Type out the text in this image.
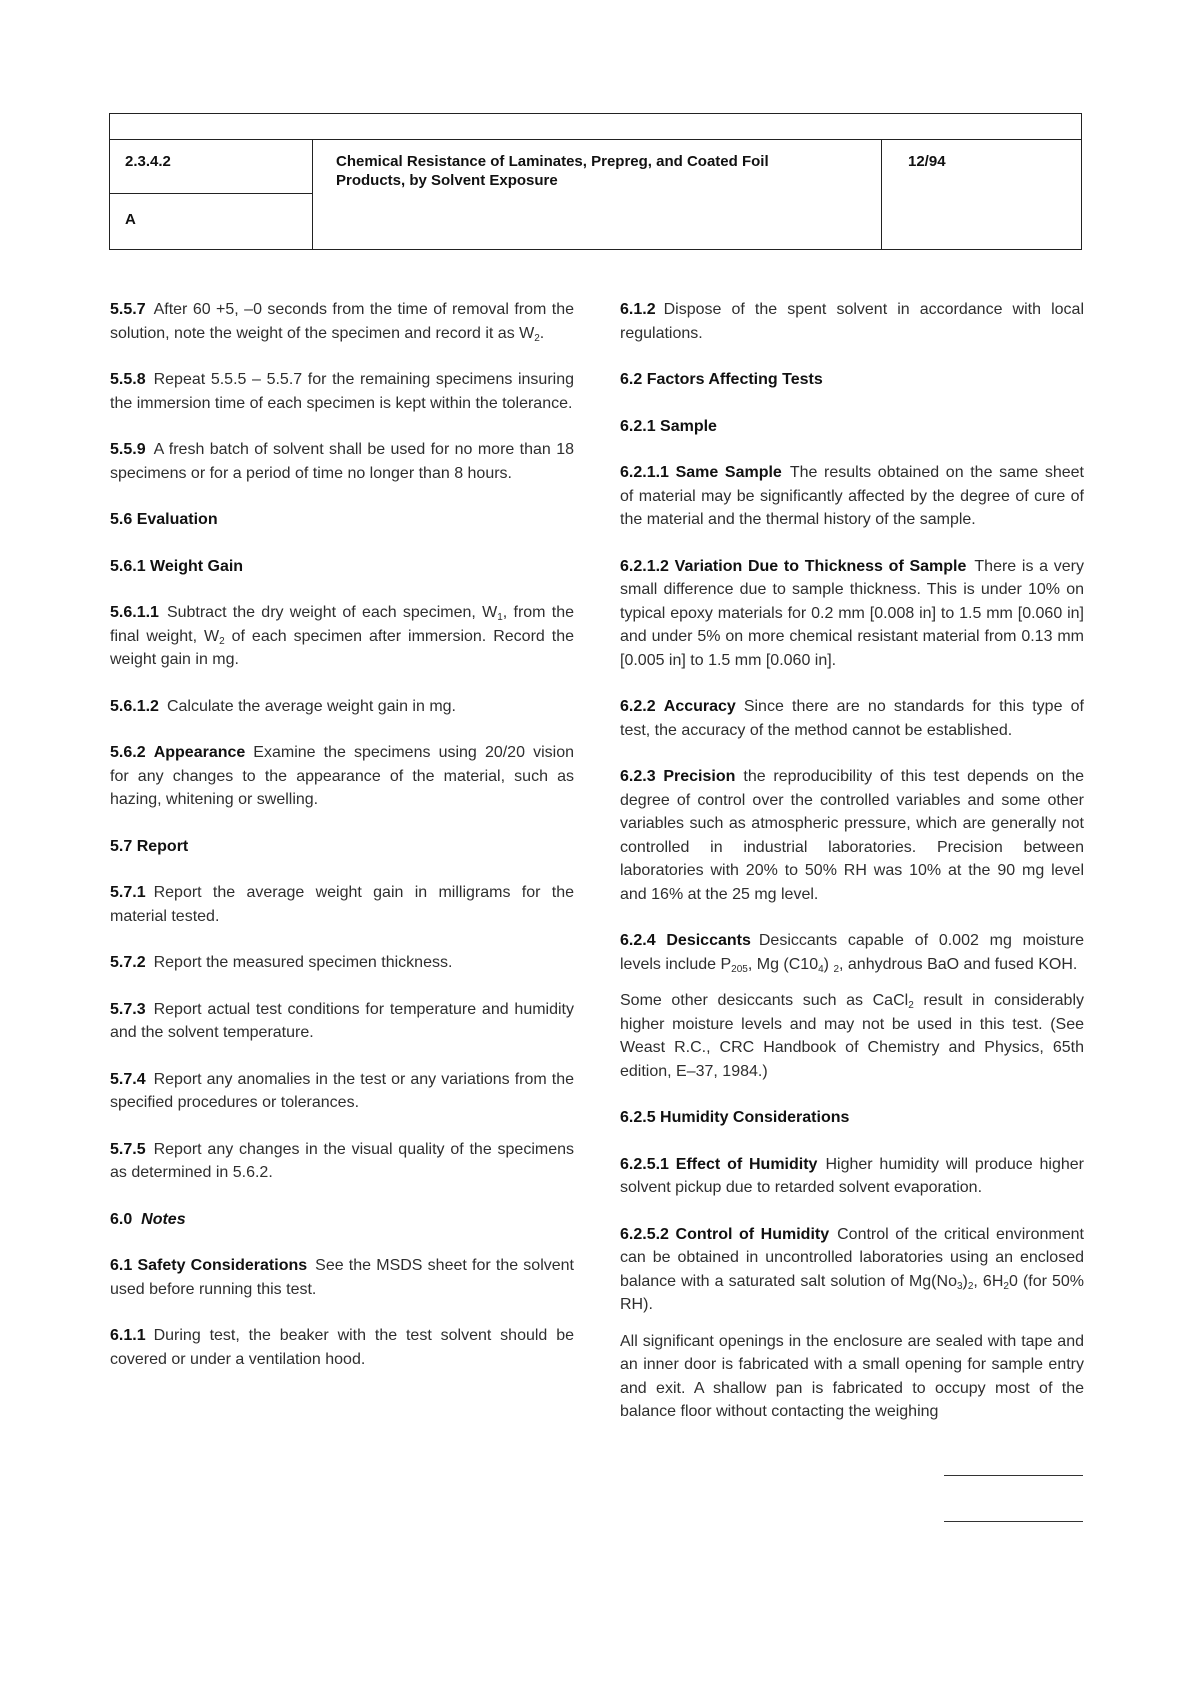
2.3.4.2
A
Chemical Resistance of Laminates, Prepreg, and Coated Foil
Products, by Solvent Exposure
12/94

5.5.7 After 60 +5, –0 seconds from the time of removal from the solution, note the weight of the specimen and record it as $W_2$.

5.5.8 Repeat 5.5.5 – 5.5.7 for the remaining specimens insuring the immersion time of each specimen is kept within the tolerance.

5.5.9 A fresh batch of solvent shall be used for no more than 18 specimens or for a period of time no longer than 8 hours.

5.6 Evaluation

5.6.1 Weight Gain

5.6.1.1 Subtract the dry weight of each specimen, $W_1$, from the final weight, $W_2$ of each specimen after immersion. Record the weight gain in mg.

5.6.1.2 Calculate the average weight gain in mg.

5.6.2 Appearance Examine the specimens using 20/20 vision for any changes to the appearance of the material, such as hazing, whitening or swelling.

5.7 Report

5.7.1 Report the average weight gain in milligrams for the material tested.

5.7.2 Report the measured specimen thickness.

5.7.3 Report actual test conditions for temperature and humidity and the solvent temperature.

5.7.4 Report any anomalies in the test or any variations from the specified procedures or tolerances.

5.7.5 Report any changes in the visual quality of the specimens as determined in 5.6.2.

6.0 Notes

6.1 Safety Considerations See the MSDS sheet for the solvent used before running this test.

6.1.1 During test, the beaker with the test solvent should be covered or under a ventilation hood.

6.1.2 Dispose of the spent solvent in accordance with local regulations.

6.2 Factors Affecting Tests

6.2.1 Sample

6.2.1.1 Same Sample The results obtained on the same sheet of material may be significantly affected by the degree of cure of the material and the thermal history of the sample.

6.2.1.2 Variation Due to Thickness of Sample There is a very small difference due to sample thickness. This is under 10% on typical epoxy materials for 0.2 mm [0.008 in] to 1.5 mm [0.060 in] and under 5% on more chemical resistant material from 0.13 mm [0.005 in] to 1.5 mm [0.060 in].

6.2.2 Accuracy Since there are no standards for this type of test, the accuracy of the method cannot be established.

6.2.3 Precision the reproducibility of this test depends on the degree of control over the controlled variables and some other variables such as atmospheric pressure, which are generally not controlled in industrial laboratories. Precision between laboratories with 20% to 50% RH was 10% at the 90 mg level and 16% at the 25 mg level.

6.2.4 Desiccants Desiccants capable of 0.002 mg moisture levels include $P_{205}$, Mg $(C10_4)$ $_2$, anhydrous BaO and fused KOH.

Some other desiccants such as CaCl$_2$ result in considerably higher moisture levels and may not be used in this test. (See Weast R.C., CRC Handbook of Chemistry and Physics, 65th edition, E–37, 1984.)

6.2.5 Humidity Considerations

6.2.5.1 Effect of Humidity Higher humidity will produce higher solvent pickup due to retarded solvent evaporation.

6.2.5.2 Control of Humidity Control of the critical environment can be obtained in uncontrolled laboratories using an enclosed balance with a saturated salt solution of $Mg(No_3)_2$, $6H_20$ (for 50% RH).

All significant openings in the enclosure are sealed with tape and an inner door is fabricated with a small opening for sample entry and exit. A shallow pan is fabricated to occupy most of the balance floor without contacting the weighing
